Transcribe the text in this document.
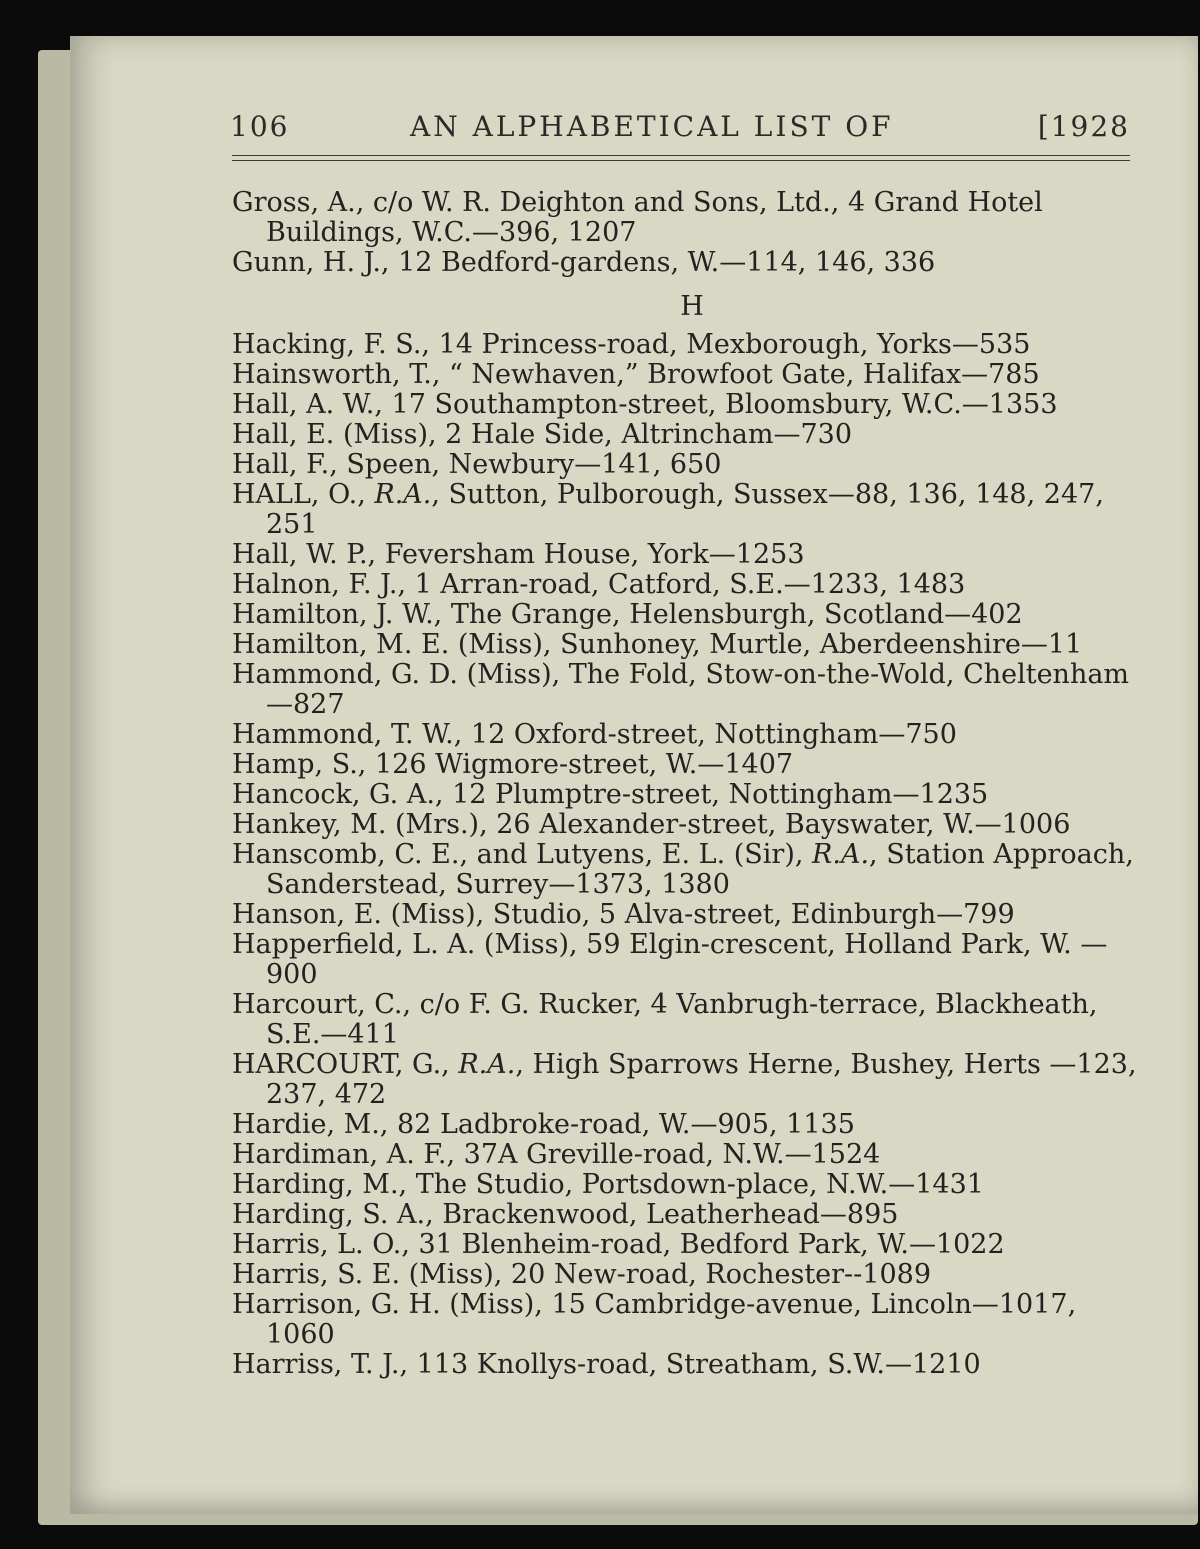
106	AN ALPHABETICAL LIST OF	[1928

Gross, A., c/o W. R. Deighton and Sons, Ltd., 4 Grand Hotel Buildings, W.C.—396, 1207

Gunn, H. J., 12 Bedford-gardens, W.—114, 146, 336

H

Hacking, F. S., 14 Princess-road, Mexborough, Yorks—535

Hainsworth, T., “ Newhaven,” Browfoot Gate, Halifax—785

Hall, A. W., 17 Southampton-street, Bloomsbury, W.C.—1353

Hall, E. (Miss), 2 Hale Side, Altrincham—730

Hall, F., Speen, Newbury—141, 650

HALL, O., R.A., Sutton, Pulborough, Sussex—88, 136, 148, 247, 251

Hall, W. P., Feversham House, York—1253

Halnon, F. J., 1 Arran-road, Catford, S.E.—1233, 1483

Hamilton, J. W., The Grange, Helensburgh, Scotland—402

Hamilton, M. E. (Miss), Sunhoney, Murtle, Aberdeenshire—11

Hammond, G. D. (Miss), The Fold, Stow-on-the-Wold, Cheltenham—827

Hammond, T. W., 12 Oxford-street, Nottingham—750

Hamp, S., 126 Wigmore-street, W.—1407

Hancock, G. A., 12 Plumptre-street, Nottingham—1235

Hankey, M. (Mrs.), 26 Alexander-street, Bayswater, W.—1006

Hanscomb, C. E., and Lutyens, E. L. (Sir), R.A., Station Approach, Sanderstead, Surrey—1373, 1380

Hanson, E. (Miss), Studio, 5 Alva-street, Edinburgh—799

Happerfield, L. A. (Miss), 59 Elgin-crescent, Holland Park, W. —900

Harcourt, C., c/o F. G. Rucker, 4 Vanbrugh-terrace, Blackheath, S.E.—411

HARCOURT, G., R.A., High Sparrows Herne, Bushey, Herts —123, 237, 472

Hardie, M., 82 Ladbroke-road, W.—905, 1135

Hardiman, A. F., 37A Greville-road, N.W.—1524

Harding, M., The Studio, Portsdown-place, N.W.—1431

Harding, S. A., Brackenwood, Leatherhead—895

Harris, L. O., 31 Blenheim-road, Bedford Park, W.—1022

Harris, S. E. (Miss), 20 New-road, Rochester--1089

Harrison, G. H. (Miss), 15 Cambridge-avenue, Lincoln—1017, 1060

Harriss, T. J., 113 Knollys-road, Streatham, S.W.—1210
